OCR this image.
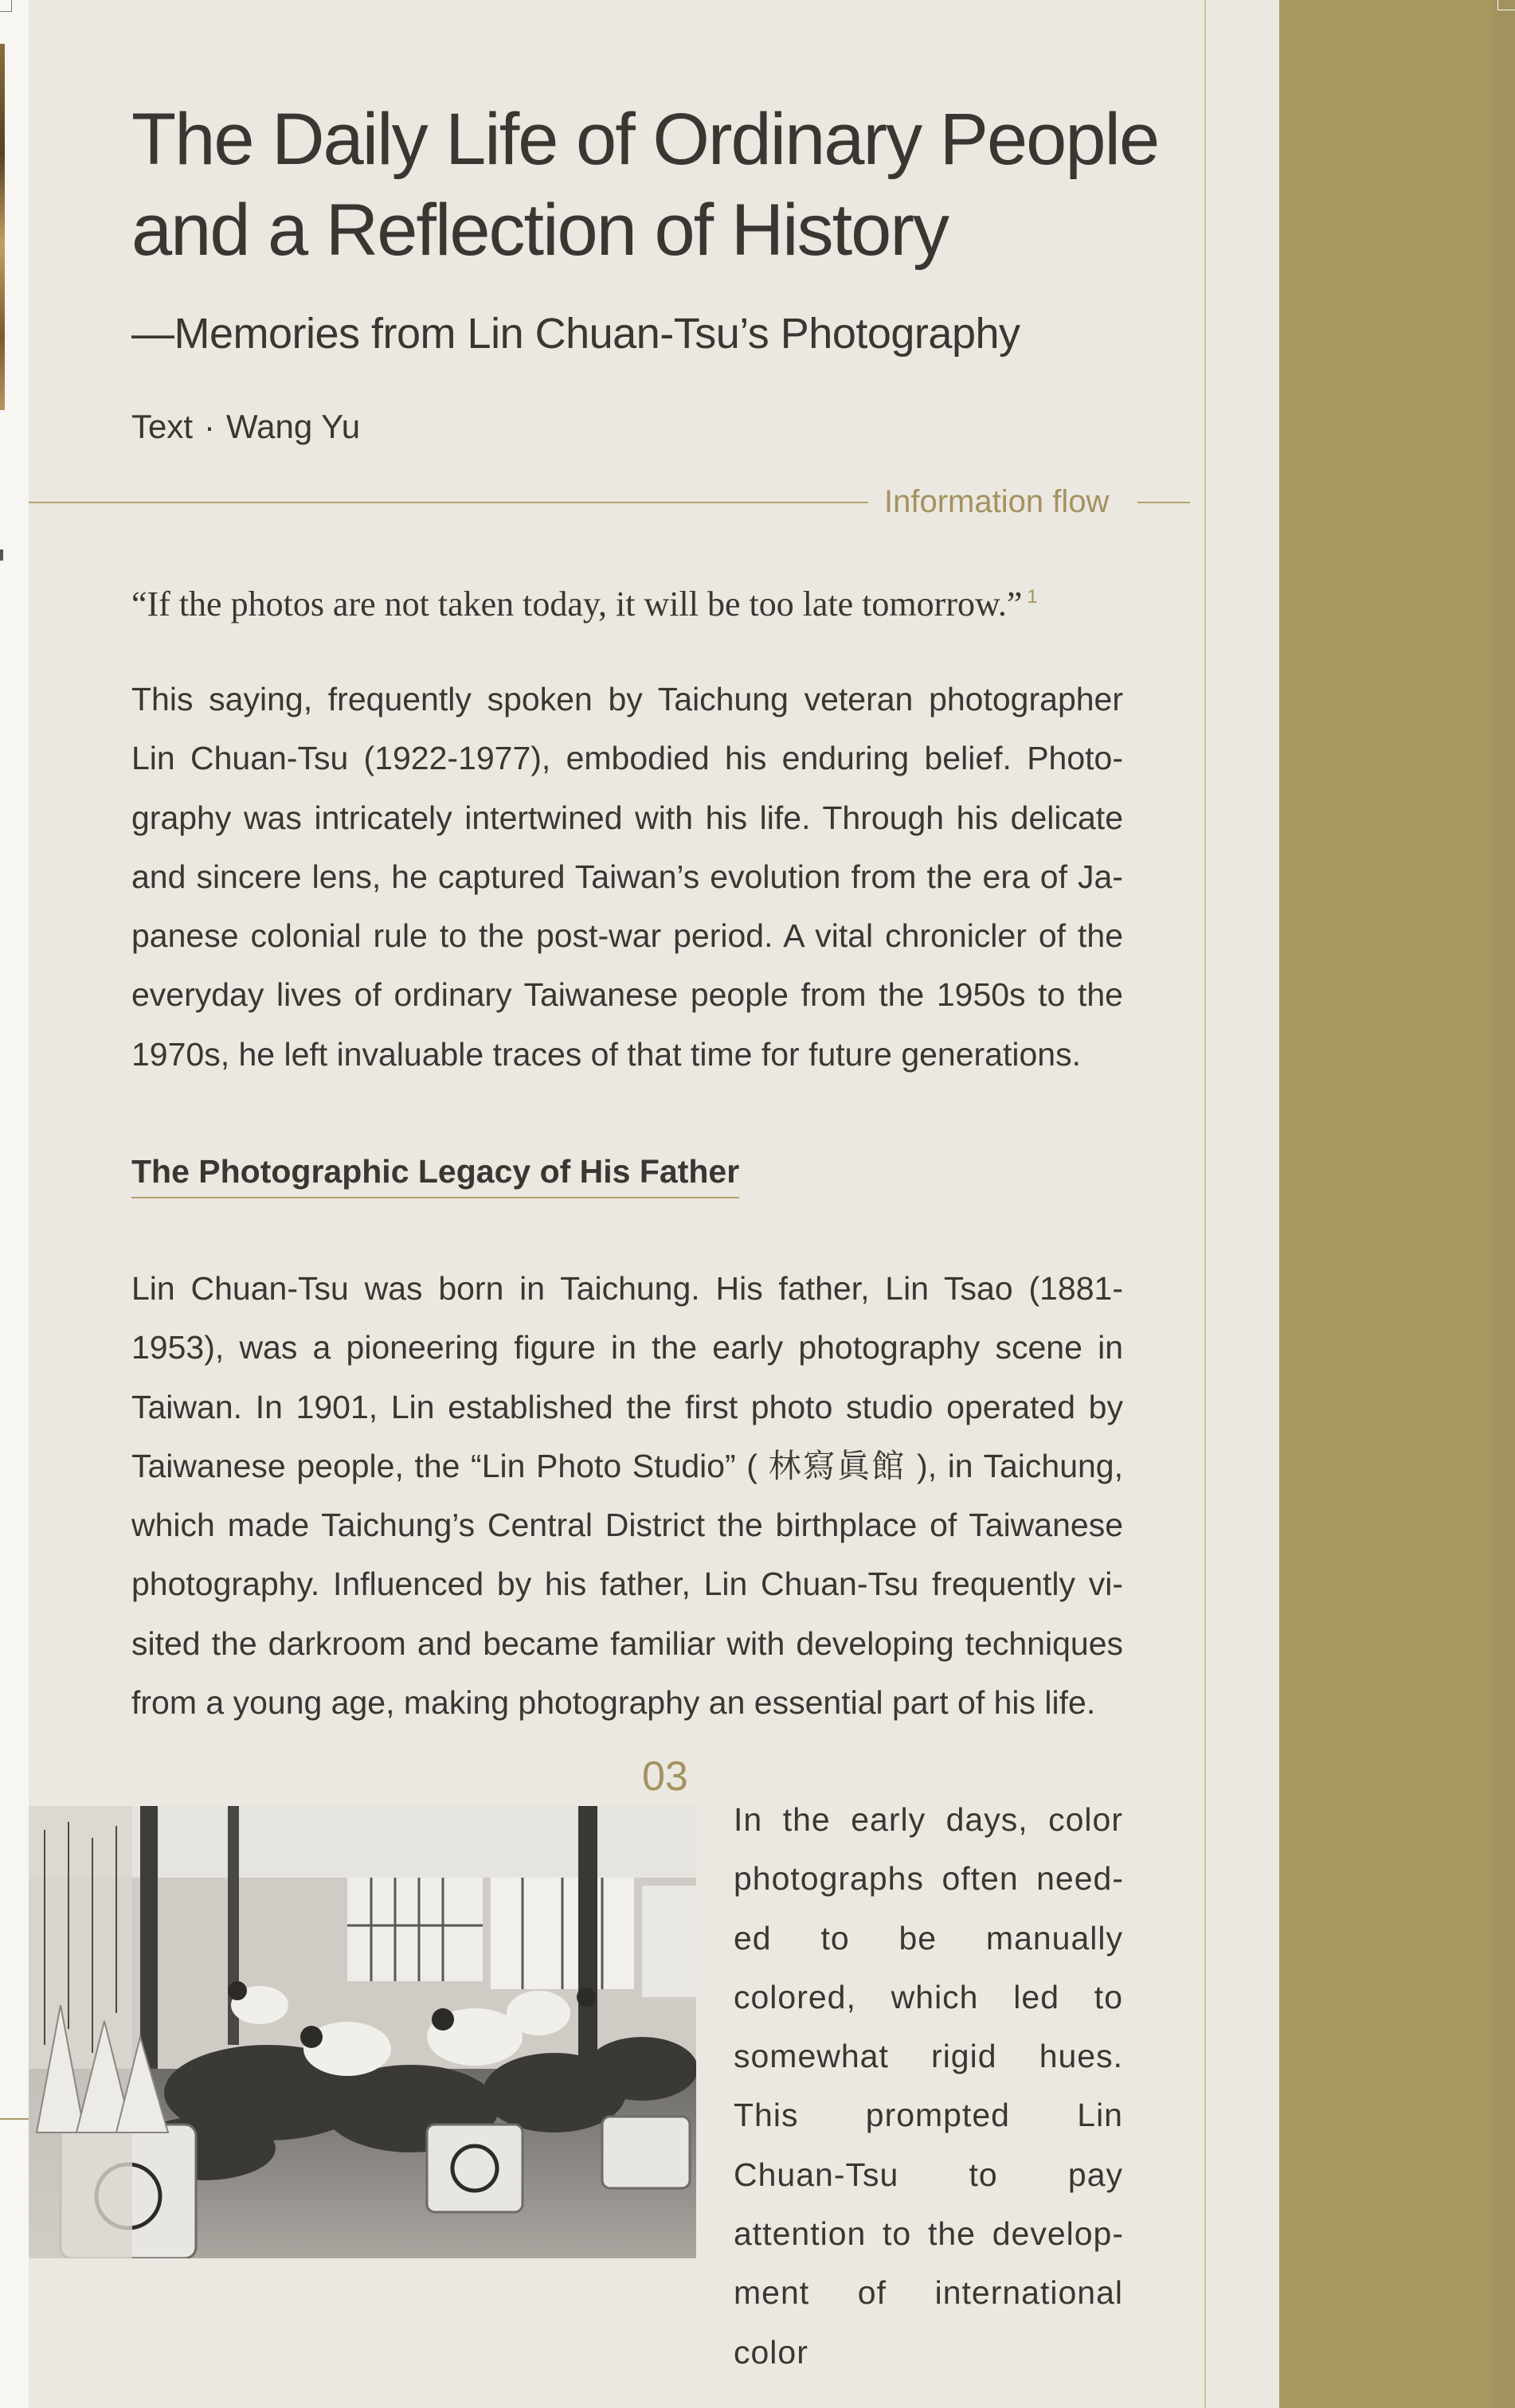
The Daily Life of Ordinary People
and a Reflection of History
—Memories from Lin Chuan-Tsu’s Photography
Text · Wang Yu
Information flow
“If the photos are not taken today, it will be too late tomorrow.” $^1$

This saying, frequently spoken by Taichung veteran photographer Lin Chuan-Tsu (1922-1977), embodied his enduring belief. Photography was intricately intertwined with his life. Through his delicate and sincere lens, he captured Taiwan’s evolution from the era of Japanese colonial rule to the post-war period. A vital chronicler of the everyday lives of ordinary Taiwanese people from the 1950s to the 1970s, he left invaluable traces of that time for future generations.

The Photographic Legacy of His Father

Lin Chuan-Tsu was born in Taichung. His father, Lin Tsao (1881-1953), was a pioneering figure in the early photography scene in Taiwan. In 1901, Lin established the first photo studio operated by Taiwanese people, the “Lin Photo Studio” ( 林寫眞館 ), in Taichung, which made Taichung’s Central District the birthplace of Taiwanese photography. Influenced by his father, Lin Chuan-Tsu frequently visited the darkroom and became familiar with developing techniques from a young age, making photography an essential part of his life.

03

In the early days, color photographs often needed to be manually colored, which led to somewhat rigid hues. This prompted Lin Chuan-Tsu to pay attention to the development of international color
